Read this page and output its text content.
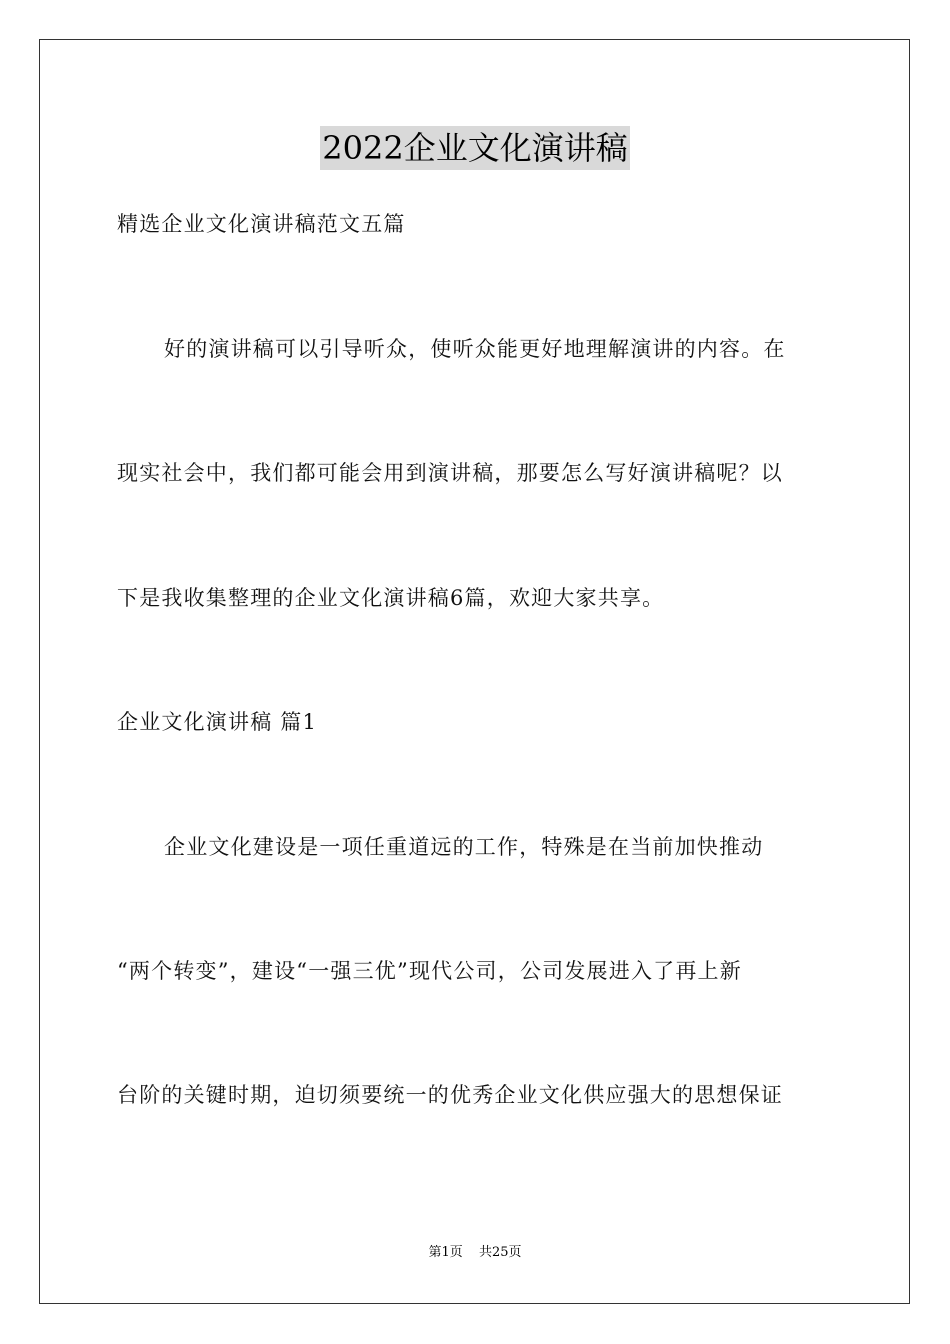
2022企业文化演讲稿
精选企业文化演讲稿范文五篇
好的演讲稿可以引导听众，使听众能更好地理解演讲的内容。在
现实社会中，我们都可能会用到演讲稿，那要怎么写好演讲稿呢？以
下是我收集整理的企业文化演讲稿6篇，欢迎大家共享。
企业文化演讲稿 篇1
企业文化建设是一项任重道远的工作，特殊是在当前加快推动
“两个转变”，建设“一强三优”现代公司，公司发展进入了再上新
台阶的关键时期，迫切须要统一的优秀企业文化供应强大的思想保证
第1页 共25页
